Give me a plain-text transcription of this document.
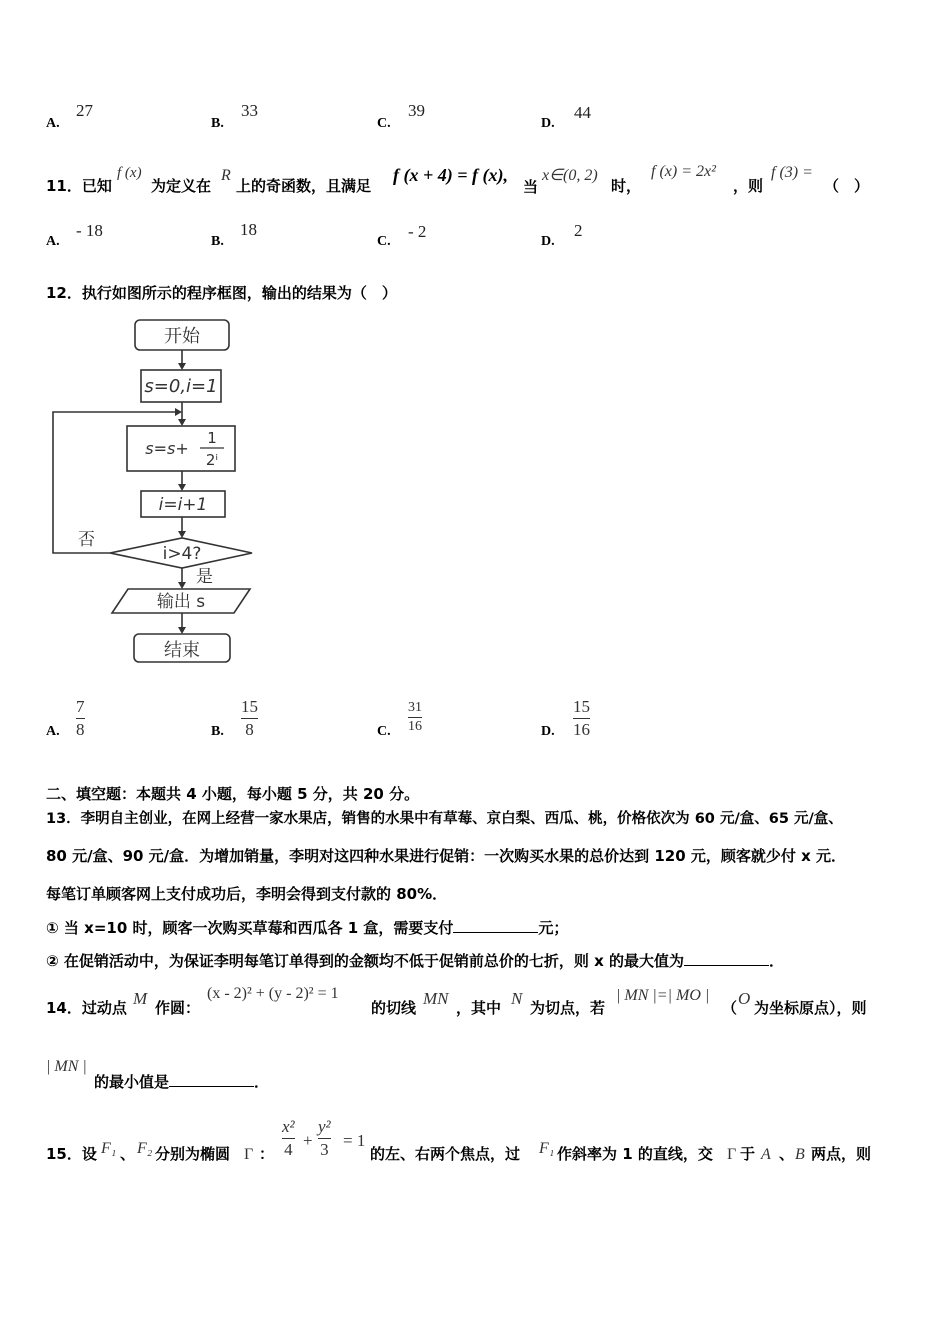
A.
27
B.
33
C.
39
D.
44
11．已知
f (x)
为定义在
R
上的奇函数，且满足
f (x + 4) = f (x),
当
x∈(0, 2)
时，
f (x) = 2x²
，则
f (3) =
（　）
A.
- 18
B.
18
C.
- 2
D.
2
12．执行如图所示的程序框图，输出的结果为（　）
开始
s=0,i=1
s=s+
1
2ⁱ
i=i+1
i>4?
否
是
输出 s
结束
A.
7
8	B.
15
8	C.
31
16	D.
15
16
二、填空题：本题共 4 小题，每小题 5 分，共 20 分。
13．李明自主创业，在网上经营一家水果店，销售的水果中有草莓、京白梨、西瓜、桃，价格依次为 60 元/盒、65 元/盒、
80 元/盒、90 元/盒．为增加销量，李明对这四种水果进行促销：一次购买水果的总价达到 120 元，顾客就少付 x 元．
每笔订单顾客网上支付成功后，李明会得到支付款的 80%．
① 当 x=10 时，顾客一次购买草莓和西瓜各 1 盒，需要支付	元；
② 在促销活动中，为保证李明每笔订单得到的金额均不低于促销前总价的七折，则 x 的最大值为	．
14．过动点 M 作圆：
(x - 2)² + (y - 2)² = 1
的切线 MN ，其中 N 为切点，若
| MN |=| MO |
（ O 为坐标原点），则
| MN |
的最小值是	．
15．设 F₁ 、 F₂ 分别为椭圆 Γ ：
x²
4 +
y²
3 = 1
的左、右两个焦点，过 F₁ 作斜率为 1 的直线，交 Γ 于 A 、 B 两点，则
